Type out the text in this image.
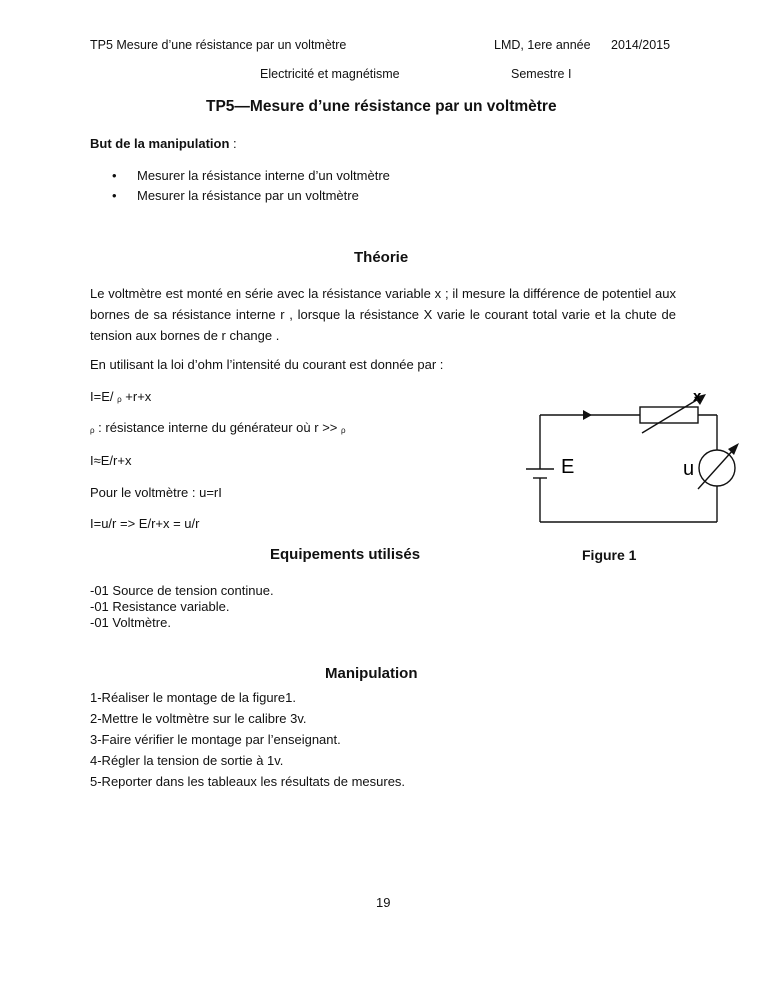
TP5 Mesure d’une résistance par un voltmètre	LMD, 1ere année 2014/2015
Electricité et magnétisme	Semestre I
TP5—Mesure d’une résistance par un voltmètre
But de la manipulation :
• Mesurer la résistance interne d’un voltmètre
• Mesurer la résistance par un voltmètre
Théorie
Le voltmètre est monté en série avec la résistance variable x ; il mesure la différence de potentiel aux bornes de sa résistance interne r , lorsque la résistance X varie le courant total varie et la chute de tension aux bornes de r change .
En utilisant la loi d’ohm l’intensité du courant est donnée par :
I=E/ ρ +r+x
ρ : résistance interne du générateur où r >> ρ
I≈E/r+x
Pour le voltmètre : u=rI
I=u/r => E/r+x = u/r
x
u
E
Figure 1
Equipements utilisés
-01 Source de tension continue.
-01 Resistance variable.
-01 Voltmètre.
Manipulation
1-Réaliser le montage de la figure1.
2-Mettre le voltmètre sur le calibre 3v.
3-Faire vérifier le montage par l’enseignant.
4-Régler la tension de sortie à 1v.
5-Reporter dans les tableaux les résultats de mesures.
19
